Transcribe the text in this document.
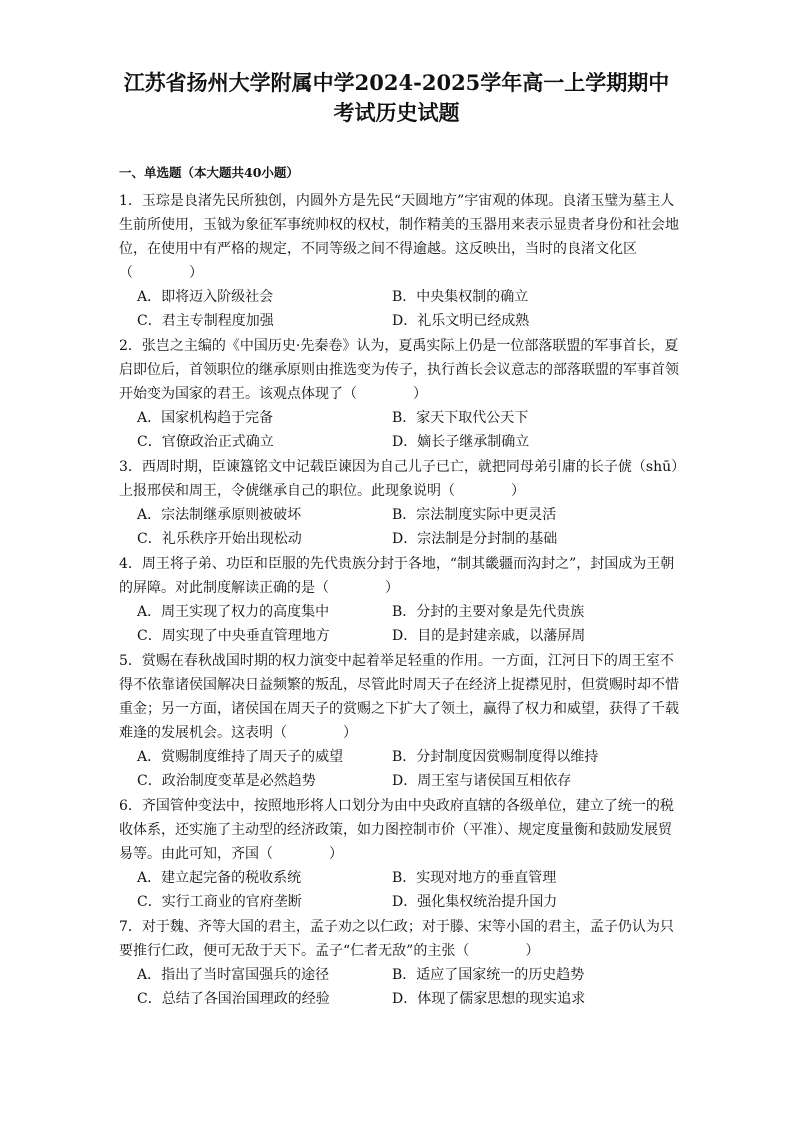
江苏省扬州大学附属中学2024-2025学年高一上学期期中
考试历史试题
一、单选题（本大题共40小题）

1．玉琮是良渚先民所独创，内圆外方是先民“天圆地方”宇宙观的体现。良渚玉璧为墓主人生前所使用，玉钺为象征军事统帅权的权杖，制作精美的玉器用来表示显贵者身份和社会地位，在使用中有严格的规定，不同等级之间不得逾越。这反映出，当时的良渚文化区（　　　　）

A．即将迈入阶级社会	B．中央集权制的确立
C．君主专制程度加强	D．礼乐文明已经成熟

2．张岂之主编的《中国历史·先秦卷》认为，夏禹实际上仍是一位部落联盟的军事首长，夏启即位后，首领职位的继承原则由推选变为传子，执行酋长会议意志的部落联盟的军事首领开始变为国家的君王。该观点体现了（　　　　）

A．国家机构趋于完备	B．家天下取代公天下
C．官僚政治正式确立	D．嫡长子继承制确立

3．西周时期，臣谏簋铭文中记载臣谏因为自己儿子已亡，就把同母弟引庸的长子俿（shū）上报邢侯和周王，令俿继承自己的职位。此现象说明（　　　　）

A．宗法制继承原则被破坏	B．宗法制度实际中更灵活
C．礼乐秩序开始出现松动	D．宗法制是分封制的基础

4．周王将子弟、功臣和臣服的先代贵族分封于各地，“制其畿疆而沟封之”，封国成为王朝的屏障。对此制度解读正确的是（　　　　）

A．周王实现了权力的高度集中	B．分封的主要对象是先代贵族
C．周实现了中央垂直管理地方	D．目的是封建亲戚，以藩屏周

5．赏赐在春秋战国时期的权力演变中起着举足轻重的作用。一方面，江河日下的周王室不得不依靠诸侯国解决日益频繁的叛乱，尽管此时周天子在经济上捉襟见肘，但赏赐时却不惜重金；另一方面，诸侯国在周天子的赏赐之下扩大了领土，赢得了权力和威望，获得了千载难逢的发展机会。这表明（　　　　）

A．赏赐制度维持了周天子的威望	B．分封制度因赏赐制度得以维持
C．政治制度变革是必然趋势	D．周王室与诸侯国互相依存

6．齐国管仲变法中，按照地形将人口划分为由中央政府直辖的各级单位，建立了统一的税收体系，还实施了主动型的经济政策，如力图控制市价（平准）、规定度量衡和鼓励发展贸易等。由此可知，齐国（　　　　）

A．建立起完备的税收系统	B．实现对地方的垂直管理
C．实行工商业的官府垄断	D．强化集权统治提升国力

7．对于魏、齐等大国的君主，孟子劝之以仁政；对于滕、宋等小国的君主，孟子仍认为只要推行仁政，便可无敌于天下。孟子“仁者无敌”的主张（　　　　）

A．指出了当时富国强兵的途径	B．适应了国家统一的历史趋势
C．总结了各国治国理政的经验	D．体现了儒家思想的现实追求
